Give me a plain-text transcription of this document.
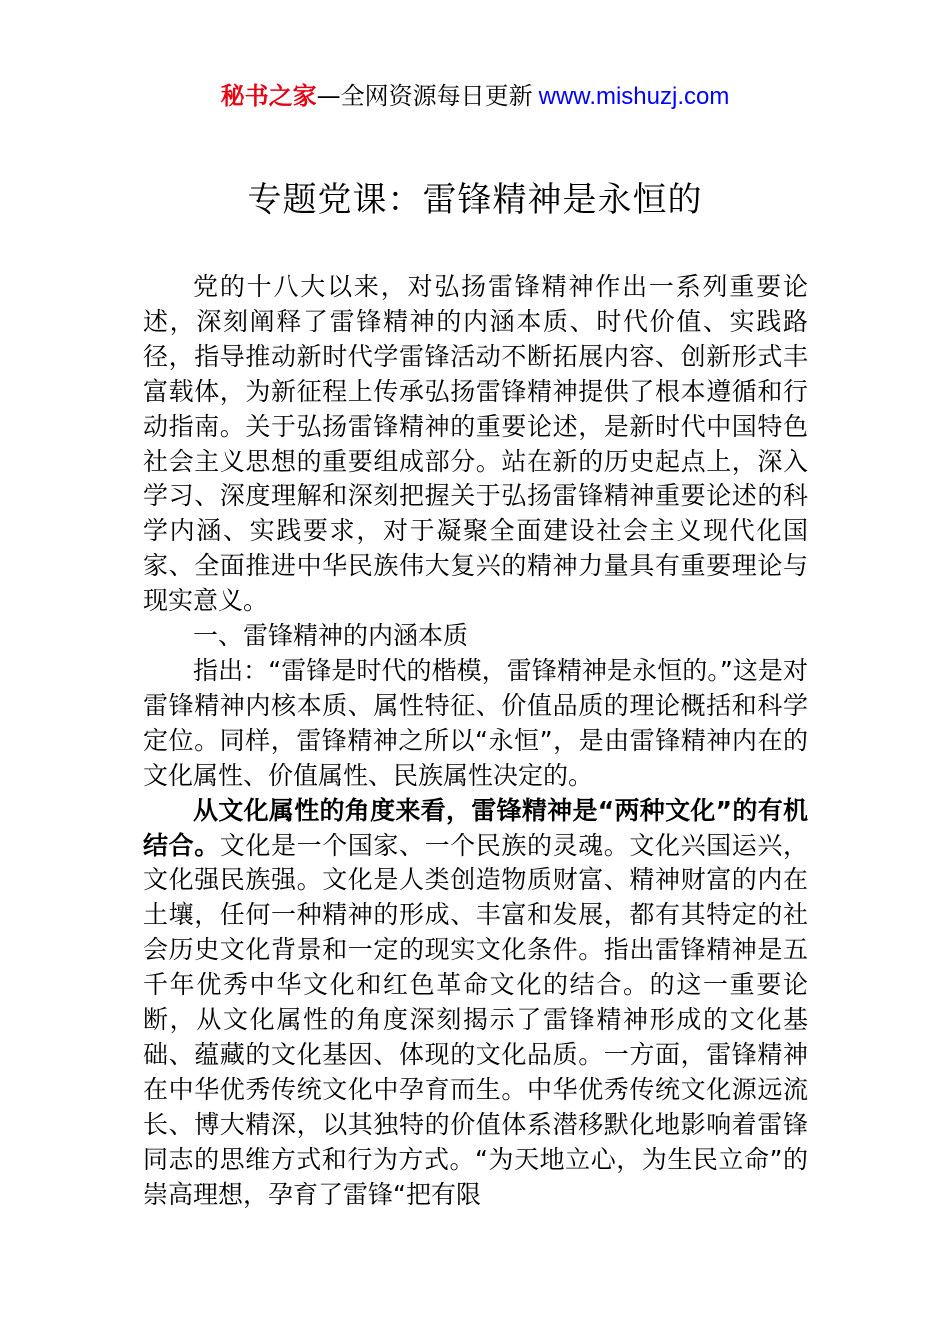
秘书之家—全网资源每日更新 www.mishuzj.com
专题党课：雷锋精神是永恒的

党的十八大以来，对弘扬雷锋精神作出一系列重要论述，深刻阐释了雷锋精神的内涵本质、时代价值、实践路径，指导推动新时代学雷锋活动不断拓展内容、创新形式丰富载体，为新征程上传承弘扬雷锋精神提供了根本遵循和行动指南。关于弘扬雷锋精神的重要论述，是新时代中国特色社会主义思想的重要组成部分。站在新的历史起点上，深入学习、深度理解和深刻把握关于弘扬雷锋精神重要论述的科学内涵、实践要求，对于凝聚全面建设社会主义现代化国家、全面推进中华民族伟大复兴的精神力量具有重要理论与现实意义。

一、雷锋精神的内涵本质

指出：“雷锋是时代的楷模，雷锋精神是永恒的。”这是对雷锋精神内核本质、属性特征、价值品质的理论概括和科学定位。同样，雷锋精神之所以“永恒”，是由雷锋精神内在的文化属性、价值属性、民族属性决定的。

从文化属性的角度来看，雷锋精神是“两种文化”的有机结合。文化是一个国家、一个民族的灵魂。文化兴国运兴，文化强民族强。文化是人类创造物质财富、精神财富的内在土壤，任何一种精神的形成、丰富和发展，都有其特定的社会历史文化背景和一定的现实文化条件。指出雷锋精神是五千年优秀中华文化和红色革命文化的结合。的这一重要论断，从文化属性的角度深刻揭示了雷锋精神形成的文化基础、蕴藏的文化基因、体现的文化品质。一方面，雷锋精神在中华优秀传统文化中孕育而生。中华优秀传统文化源远流长、博大精深，以其独特的价值体系潜移默化地影响着雷锋同志的思维方式和行为方式。“为天地立心，为生民立命”的崇高理想，孕育了雷锋“把有限
